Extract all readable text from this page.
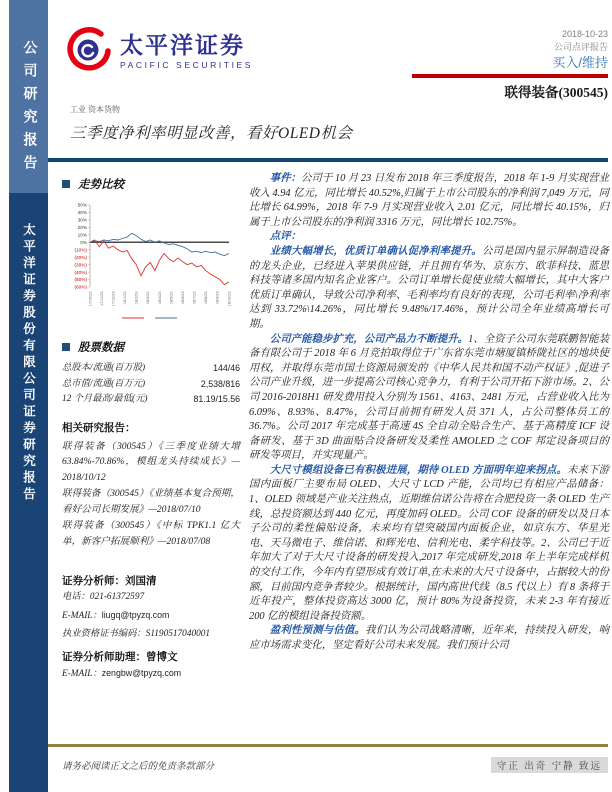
公司研究报告
太平洋证券股份有限公司证券研究报告
太平洋证券
PACIFIC SECURITIES
2018-10-23
公司点评报告
买入/维持
联得装备(300545)
工业 资本货物
三季度净利率明显改善，看好OLED机会
走势比较
50%
40%
30%
20%
10%
0%
(10%)
(20%)
(30%)
(40%)
(50%)
(60%)
17/10/23 17/11/23 17/12/23 18/1/23 18/2/23 18/3/23 18/4/23 18/5/23 18/6/23 18/7/23 18/8/23 18/9/23 18/10/23
股票数据
总股本/流通(百万股)	144/46
总市值/流通(百万元)	2,538/816
12 个月最高/最低(元)	81.19/15.56
相关研究报告：
联得装备（300545）《三季度业绩大增 63.84%-70.86%，模组龙头持续成长》—2018/10/12
联得装备（300545）《业绩基本复合预期，看好公司长期发展》—2018/07/10
联得装备（300545）《中标 TPK1.1 亿大单，新客户拓展顺利》—2018/07/08
证券分析师：刘国清
电话：021-61372597
E-MAIL：liugq@tpyzq.com
执业资格证书编码：S1190517040001
证券分析师助理：曾博文
E-MAIL：zengbw@tpyzq.com

事件：公司于 10 月 23 日发布 2018 年三季度报告，2018 年 1-9 月实现营业收入 4.94 亿元，同比增长 40.52%,归属于上市公司股东的净利润 7,049 万元，同比增长 64.99%，2018 年 7-9 月实现营业收入 2.01 亿元，同比增长 40.15%，归属于上市公司股东的净利润 3316 万元，同比增长 102.75%。

点评：

业绩大幅增长，优质订单确认促净利率提升。公司是国内显示屏制造设备的龙头企业，已经进入苹果供应链，并且拥有华为、京东方、欧菲科技、蓝思科技等诸多国内知名企业客户。公司订单增长促使业绩大幅增长，其中大客户优质订单确认，导致公司净利率、毛利率均有良好的表现，公司毛利率\净利率达到 33.72%\14.26%，同比增长 9.48%/17.46%，预计公司全年业绩高增长可期。

公司产能稳步扩充，公司产品力不断提升。1、全资子公司东莞联鹏智能装备有限公司于 2018 年 6 月竞拍取得位于广东省东莞市塘厦镇桥陇社区的地块使用权，并取得东莞市国土资源局颁发的《中华人民共和国不动产权证》,促进子公司产业升级，进一步提高公司核心竞争力，有利于公司开拓下游市场。2、公司 2016-2018H1 研发费用投入分别为 1561、4163、2481 万元，占营业收入比为 6.09%、8.93%、8.47%，公司目前拥有研发人员 371 人，占公司整体员工的 36.7%。公司 2017 年完成基于高速 4S 全自动全贴合生产、基于高精度 ICF 设备研发、基于 3D 曲面贴合设备研发及柔性 AMOLED 之 COF 邦定设备项目的研发等项目，并实现量产。

大尺寸模组设备已有积极进展，期待 OLED 方面明年迎来拐点。未来下游国内面板厂主要布局 OLED、大尺寸 LCD 产能，公司均已有相应产品储备：1、OLED 领域是产业关注热点，近期维信诺公告将在合肥投资一条 OLED 生产线，总投资额达到 440 亿元，再度加码 OLED。公司 COF 设备的研发以及日本子公司的柔性偏贴设备，未来均有望突破国内面板企业，如京东方、华星光电、天马微电子、维信诺、和辉光电、信利光电、柔宇科技等。2、公司已于近年加大了对于大尺寸设备的研发投入,2017 年完成研发,2018 年上半年完成样机的交付工作，今年内有望形成有效订单,在未来的大尺寸设备中，占据较大的份额，目前国内竞争者较少。根据统计，国内高世代线（8.5 代以上）有 8 条将于近年投产，整体投资高达 3000 亿，预计 80%为设备投资，未来 2-3 年有接近 200 亿的模组设备投资额。

盈利性预测与估值。我们认为公司战略清晰，近年来，持续投入研发，响应市场需求变化，坚定看好公司未来发展。我们预计公司

请务必阅读正文之后的免责条款部分	守正 出奇 宁静 致远
